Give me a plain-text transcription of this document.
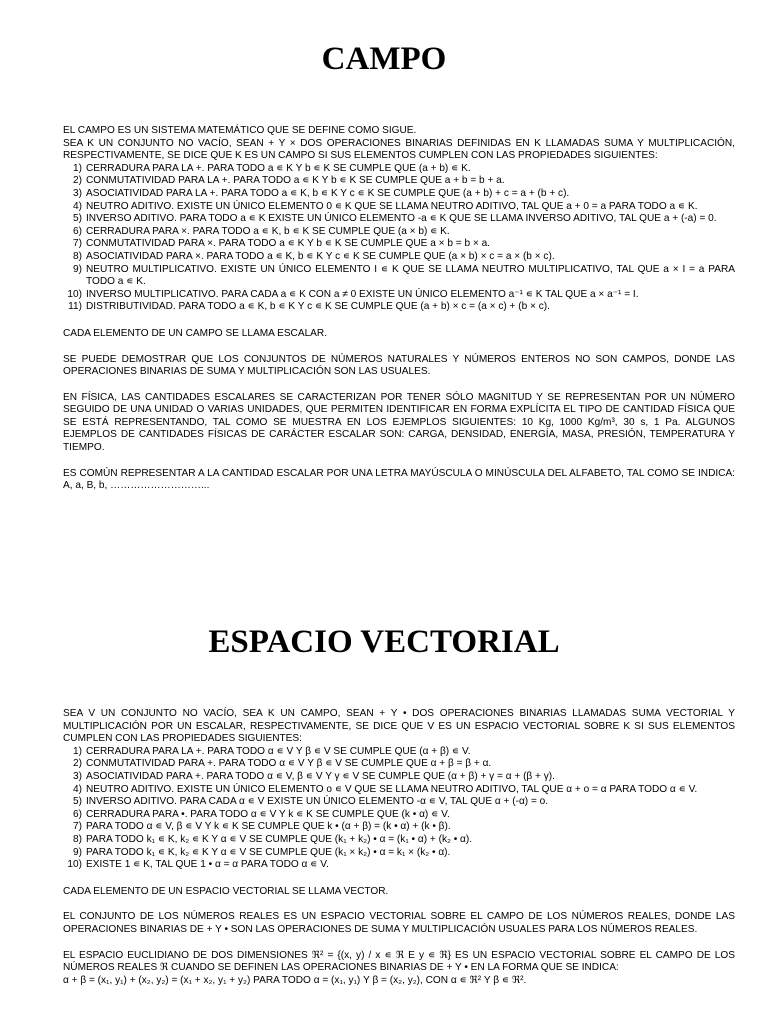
CAMPO

EL CAMPO ES UN SISTEMA MATEMÁTICO QUE SE DEFINE COMO SIGUE.

SEA K UN CONJUNTO NO VACÍO, SEAN + Y × DOS OPERACIONES BINARIAS DEFINIDAS EN K LLAMADAS SUMA Y MULTIPLICACIÓN, RESPECTIVAMENTE, SE DICE QUE K ES UN CAMPO SI SUS ELEMENTOS CUMPLEN CON LAS PROPIEDADES SIGUIENTES:

1) CERRADURA PARA LA +. PARA TODO a ∊ K Y b ∊ K SE CUMPLE QUE (a + b) ∊ K.
2) CONMUTATIVIDAD PARA LA +. PARA TODO a ∊ K Y b ∊ K SE CUMPLE QUE a + b = b + a.
3) ASOCIATIVIDAD PARA LA +. PARA TODO a ∊ K, b ∊ K Y c ∊ K SE CUMPLE QUE (a + b) + c = a + (b + c).
4) NEUTRO ADITIVO. EXISTE UN ÚNICO ELEMENTO 0 ∊ K QUE SE LLAMA NEUTRO ADITIVO, TAL QUE a + 0 = a PARA TODO a ∊ K.
5) INVERSO ADITIVO. PARA TODO a ∊ K EXISTE UN ÚNICO ELEMENTO -a ∊ K QUE SE LLAMA INVERSO ADITIVO, TAL QUE a + (-a) = 0.
6) CERRADURA PARA ×. PARA TODO a ∊ K, b ∊ K SE CUMPLE QUE (a × b) ∊ K.
7) CONMUTATIVIDAD PARA ×. PARA TODO a ∊ K Y b ∊ K SE CUMPLE QUE a × b = b × a.
8) ASOCIATIVIDAD PARA ×. PARA TODO a ∊ K, b ∊ K Y c ∊ K SE CUMPLE QUE (a × b) × c = a × (b × c).
9) NEUTRO MULTIPLICATIVO. EXISTE UN ÚNICO ELEMENTO I ∊ K QUE SE LLAMA NEUTRO MULTIPLICATIVO, TAL QUE a × I = a PARA TODO a ∊ K.
10) INVERSO MULTIPLICATIVO. PARA CADA a ∊ K CON a ≠ 0 EXISTE UN ÚNICO ELEMENTO a⁻¹ ∊ K TAL QUE a × a⁻¹ = I.
11) DISTRIBUTIVIDAD. PARA TODO a ∊ K, b ∊ K Y c ∊ K SE CUMPLE QUE (a + b) × c = (a × c) + (b × c).

CADA ELEMENTO DE UN CAMPO SE LLAMA ESCALAR.

SE PUEDE DEMOSTRAR QUE LOS CONJUNTOS DE NÚMEROS NATURALES Y NÚMEROS ENTEROS NO SON CAMPOS, DONDE LAS OPERACIONES BINARIAS DE SUMA Y MULTIPLICACIÓN SON LAS USUALES.

EN FÍSICA, LAS CANTIDADES ESCALARES SE CARACTERIZAN POR TENER SÓLO MAGNITUD Y SE REPRESENTAN POR UN NÚMERO SEGUIDO DE UNA UNIDAD O VARIAS UNIDADES, QUE PERMITEN IDENTIFICAR EN FORMA EXPLÍCITA EL TIPO DE CANTIDAD FÍSICA QUE SE ESTÁ REPRESENTANDO, TAL COMO SE MUESTRA EN LOS EJEMPLOS SIGUIENTES: 10 Kg, 1000 Kg/m³, 30 s, 1 Pa. ALGUNOS EJEMPLOS DE CANTIDADES FÍSICAS DE CARÁCTER ESCALAR SON: CARGA, DENSIDAD, ENERGÍA, MASA, PRESIÓN, TEMPERATURA Y TIEMPO.

ES COMÚN REPRESENTAR A LA CANTIDAD ESCALAR POR UNA LETRA MAYÚSCULA O MINÚSCULA DEL ALFABETO, TAL COMO SE INDICA: A, a, B, b, ………………………...

ESPACIO VECTORIAL

SEA V UN CONJUNTO NO VACÍO, SEA K UN CAMPO, SEAN + Y • DOS OPERACIONES BINARIAS LLAMADAS SUMA VECTORIAL Y MULTIPLICACIÓN POR UN ESCALAR, RESPECTIVAMENTE, SE DICE QUE V ES UN ESPACIO VECTORIAL SOBRE K SI SUS ELEMENTOS CUMPLEN CON LAS PROPIEDADES SIGUIENTES:

1) CERRADURA PARA LA +. PARA TODO α ∊ V Y β ∊ V SE CUMPLE QUE (α + β) ∊ V.
2) CONMUTATIVIDAD PARA +. PARA TODO α ∊ V Y β ∊ V SE CUMPLE QUE α + β = β + α.
3) ASOCIATIVIDAD PARA +. PARA TODO α ∊ V, β ∊ V Y γ ∊ V SE CUMPLE QUE (α + β) + γ = α + (β + γ).
4) NEUTRO ADITIVO. EXISTE UN ÚNICO ELEMENTO o ∊ V QUE SE LLAMA NEUTRO ADITIVO, TAL QUE α + o = α PARA TODO α ∊ V.
5) INVERSO ADITIVO. PARA CADA α ∊ V EXISTE UN ÚNICO ELEMENTO -α ∊ V, TAL QUE α + (-α) = o.
6) CERRADURA PARA •. PARA TODO α ∊ V Y k ∊ K SE CUMPLE QUE (k • α) ∊ V.
7) PARA TODO α ∊ V, β ∊ V Y k ∊ K SE CUMPLE QUE k • (α + β) = (k • α) + (k • β).
8) PARA TODO k₁ ∊ K, k₂ ∊ K Y α ∊ V SE CUMPLE QUE (k₁ + k₂) • α = (k₁ • α) + (k₂ • α).
9) PARA TODO k₁ ∊ K, k₂ ∊ K Y α ∊ V SE CUMPLE QUE (k₁ × k₂) • α = k₁ × (k₂ • α).
10) EXISTE 1 ∊ K, TAL QUE 1 • α = α PARA TODO α ∊ V.

CADA ELEMENTO DE UN ESPACIO VECTORIAL SE LLAMA VECTOR.

EL CONJUNTO DE LOS NÚMEROS REALES ES UN ESPACIO VECTORIAL SOBRE EL CAMPO DE LOS NÚMEROS REALES, DONDE LAS OPERACIONES BINARIAS DE + Y • SON LAS OPERACIONES DE SUMA Y MULTIPLICACIÓN USUALES PARA LOS NÚMEROS REALES.

EL ESPACIO EUCLIDIANO DE DOS DIMENSIONES ℜ² = {(x, y) / x ∊ ℜ E y ∊ ℜ} ES UN ESPACIO VECTORIAL SOBRE EL CAMPO DE LOS NÚMEROS REALES ℜ CUANDO SE DEFINEN LAS OPERACIONES BINARIAS DE + Y • EN LA FORMA QUE SE INDICA:

α + β = (x₁, y₁) + (x₂, y₂) = (x₁ + x₂, y₁ + y₂) PARA TODO α = (x₁, y₁) Y β = (x₂, y₂), CON α ∊ ℜ² Y β ∊ ℜ².
